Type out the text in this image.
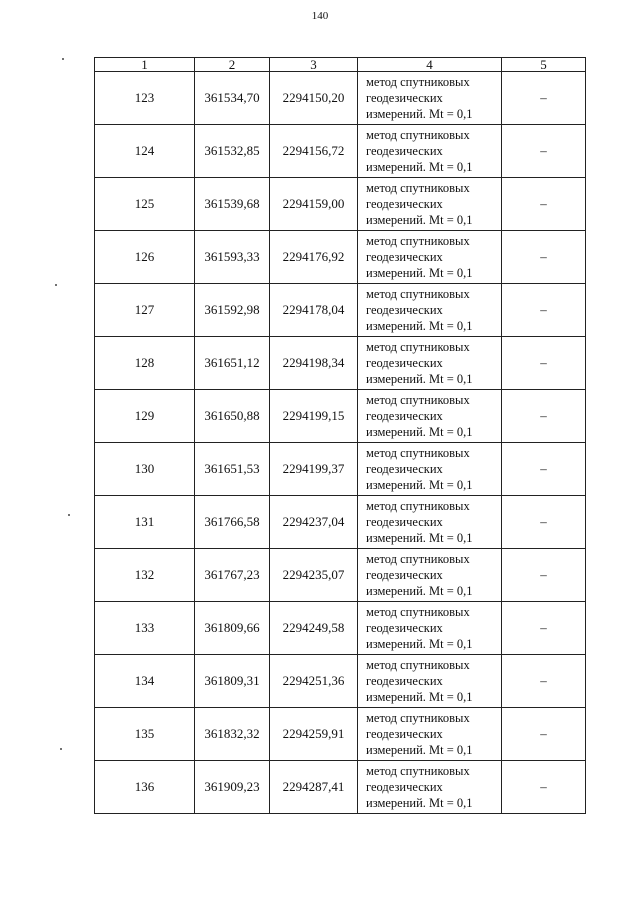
140
1	2	3	4	5
123	361534,70	2294150,20	метод спутниковых
геодезических
измерений. Mt = 0,1	–
124	361532,85	2294156,72	метод спутниковых
геодезических
измерений. Mt = 0,1	–
125	361539,68	2294159,00	метод спутниковых
геодезических
измерений. Mt = 0,1	–
126	361593,33	2294176,92	метод спутниковых
геодезических
измерений. Mt = 0,1	–
127	361592,98	2294178,04	метод спутниковых
геодезических
измерений. Mt = 0,1	–
128	361651,12	2294198,34	метод спутниковых
геодезических
измерений. Mt = 0,1	–
129	361650,88	2294199,15	метод спутниковых
геодезических
измерений. Mt = 0,1	–
130	361651,53	2294199,37	метод спутниковых
геодезических
измерений. Mt = 0,1	–
131	361766,58	2294237,04	метод спутниковых
геодезических
измерений. Mt = 0,1	–
132	361767,23	2294235,07	метод спутниковых
геодезических
измерений. Mt = 0,1	–
133	361809,66	2294249,58	метод спутниковых
геодезических
измерений. Mt = 0,1	–
134	361809,31	2294251,36	метод спутниковых
геодезических
измерений. Mt = 0,1	–
135	361832,32	2294259,91	метод спутниковых
геодезических
измерений. Mt = 0,1	–
136	361909,23	2294287,41	метод спутниковых
геодезических
измерений. Mt = 0,1	–
